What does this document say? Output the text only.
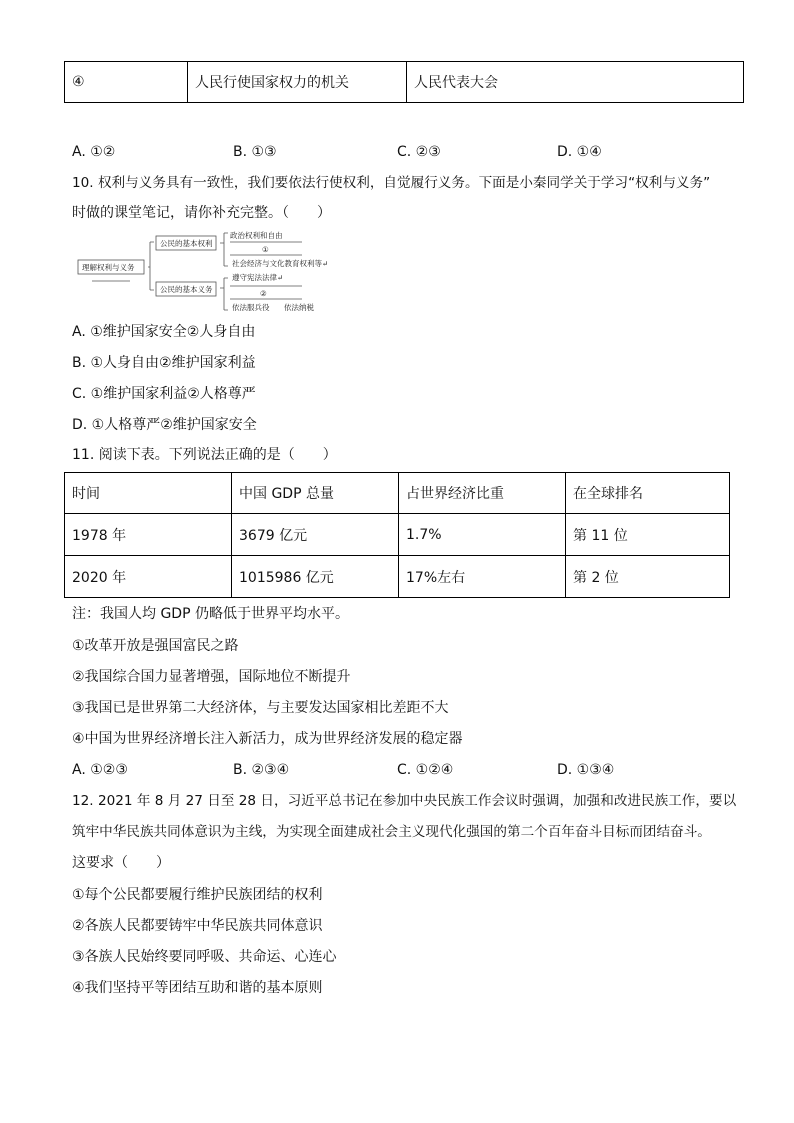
④	人民行使国家权力的机关	人民代表大会
A. ①②	B. ①③	C. ②③	D. ①④
10. 权利与义务具有一致性，我们要依法行使权利，自觉履行义务。下面是小秦同学关于学习“权利与义务”
时做的课堂笔记，请你补充完整。（　　）
理解权利与义务
公民的基本权利
公民的基本义务
政治权利和自由
①
社会经济与文化教育权利等↵
遵守宪法法律↵
②
依法服兵役 依法纳税
A. ①维护国家安全②人身自由
B. ①人身自由②维护国家利益
C. ①维护国家利益②人格尊严
D. ①人格尊严②维护国家安全
11. 阅读下表。下列说法正确的是（　　）
时间	中国 GDP 总量	占世界经济比重	在全球排名
1978 年	3679 亿元	1.7%	第 11 位
2020 年	1015986 亿元	17%左右	第 2 位
注：我国人均 GDP 仍略低于世界平均水平。
①改革开放是强国富民之路
②我国综合国力显著增强，国际地位不断提升
③我国已是世界第二大经济体，与主要发达国家相比差距不大
④中国为世界经济增长注入新活力，成为世界经济发展的稳定器
A. ①②③	B. ②③④	C. ①②④	D. ①③④
12. 2021 年 8 月 27 日至 28 日，习近平总书记在参加中央民族工作会议时强调，加强和改进民族工作，要以
筑牢中华民族共同体意识为主线，为实现全面建成社会主义现代化强国的第二个百年奋斗目标而团结奋斗。
这要求（　　）
①每个公民都要履行维护民族团结的权利
②各族人民都要铸牢中华民族共同体意识
③各族人民始终要同呼吸、共命运、心连心
④我们坚持平等团结互助和谐的基本原则
